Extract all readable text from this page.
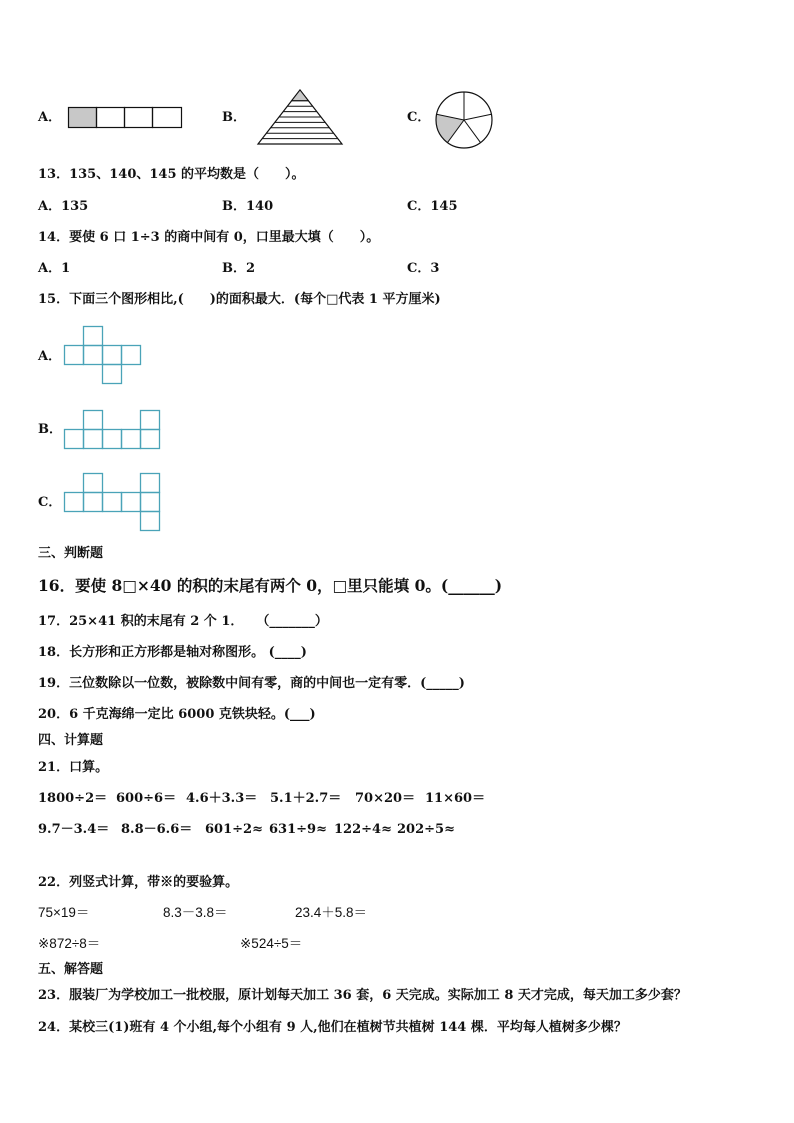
A．	B．	C．
13．135、140、145 的平均数是（　　）。
A．135	B．140	C．145
14．要使 6 口 1÷3 的商中间有 0，口里最大填（　　）。
A．1	B．2	C．3
15．下面三个图形相比,(　　)的面积最大．(每个□代表 1 平方厘米)
A．
B．
C．
三、判断题
16．要使 8□×40 的积的末尾有两个 0，□里只能填 0。(______)
17．25×41 积的末尾有 2 个 1．　　（_______）
18．长方形和正方形都是轴对称图形。 (____)
19．三位数除以一位数，被除数中间有零，商的中间也一定有零．(_____)
20．6 千克海绵一定比 6000 克铁块轻。(___)
四、计算题
21．口算。
1800÷2＝ 600÷6＝ 4.6＋3.3＝ 5.1＋2.7＝ 70×20＝ 11×60＝
9.7－3.4＝ 8.8－6.6＝ 601÷2≈ 631÷9≈ 122÷4≈ 202÷5≈
22．列竖式计算，带※的要验算。
75×19＝	8.3－3.8＝	23.4＋5.8＝
※872÷8＝	※524÷5＝
五、解答题
23．服装厂为学校加工一批校服，原计划每天加工 36 套，6 天完成。实际加工 8 天才完成，每天加工多少套？
24．某校三(1)班有 4 个小组,每个小组有 9 人,他们在植树节共植树 144 棵．平均每人植树多少棵？
